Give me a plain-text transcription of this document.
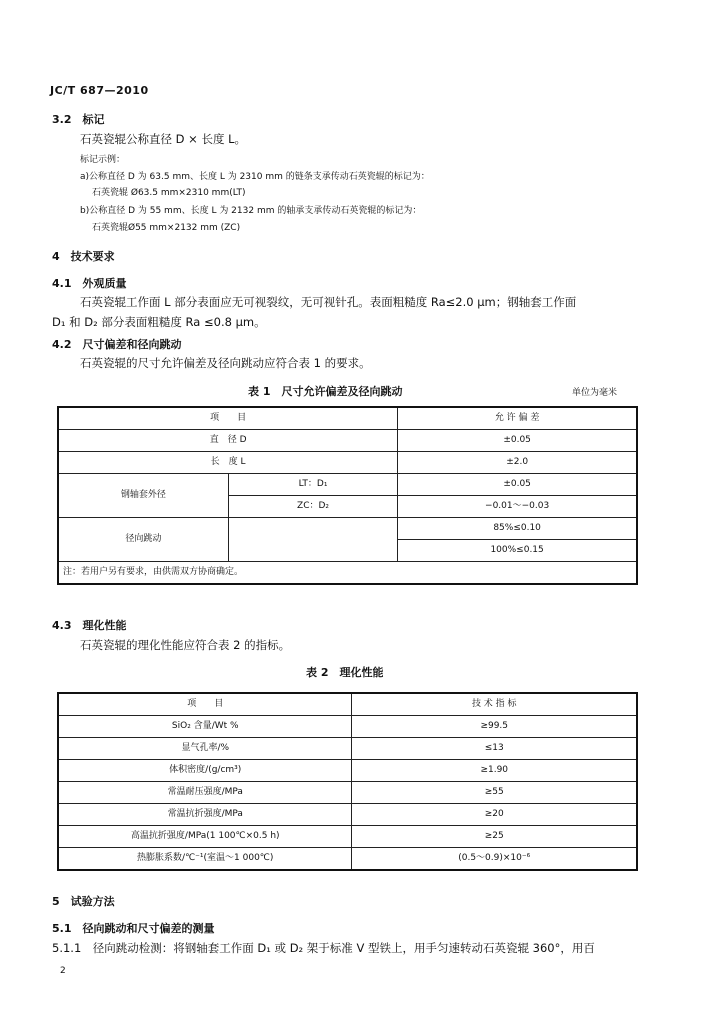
JC/T 687—2010
3.2　标记
石英瓷辊公称直径 D × 长度 L。
标记示例：
a)公称直径 D 为 63.5 mm、长度 L 为 2310 mm 的链条支承传动石英瓷辊的标记为：
石英瓷辊 Ø63.5 mm×2310 mm(LT)
b)公称直径 D 为 55 mm、长度 L 为 2132 mm 的轴承支承传动石英瓷辊的标记为：
石英瓷辊Ø55 mm×2132 mm (ZC)
4　技术要求
4.1　外观质量
石英瓷辊工作面 L 部分表面应无可视裂纹，无可视针孔。表面粗糙度 Ra≤2.0 μm；钢轴套工作面
D₁ 和 D₂ 部分表面粗糙度 Ra ≤0.8 μm。
4.2　尺寸偏差和径向跳动
石英瓷辊的尺寸允许偏差及径向跳动应符合表 1 的要求。
表 1　尺寸允许偏差及径向跳动	单位为毫米
项　　目		允 许 偏 差
直　径 D		±0.05
长　度 L		±2.0
钢轴套外径	LT：D₁	±0.05
	ZC：D₂	−0.01～−0.03
径向跳动		85%≤0.10
		100%≤0.15
注：若用户另有要求，由供需双方协商确定。		
4.3　理化性能
石英瓷辊的理化性能应符合表 2 的指标。
表 2　理化性能
项　　目	技 术 指 标
SiO₂ 含量/Wt %	≥99.5
显气孔率/%	≤13
体积密度/(g/cm³)	≥1.90
常温耐压强度/MPa	≥55
常温抗折强度/MPa	≥20
高温抗折强度/MPa(1 100℃×0.5 h)	≥25
热膨胀系数/℃⁻¹(室温～1 000℃)	(0.5～0.9)×10⁻⁶
5　试验方法
5.1　径向跳动和尺寸偏差的测量
5.1.1　径向跳动检测：将钢轴套工作面 D₁ 或 D₂ 架于标准 V 型铁上，用手匀速转动石英瓷辊 360°，用百
2
